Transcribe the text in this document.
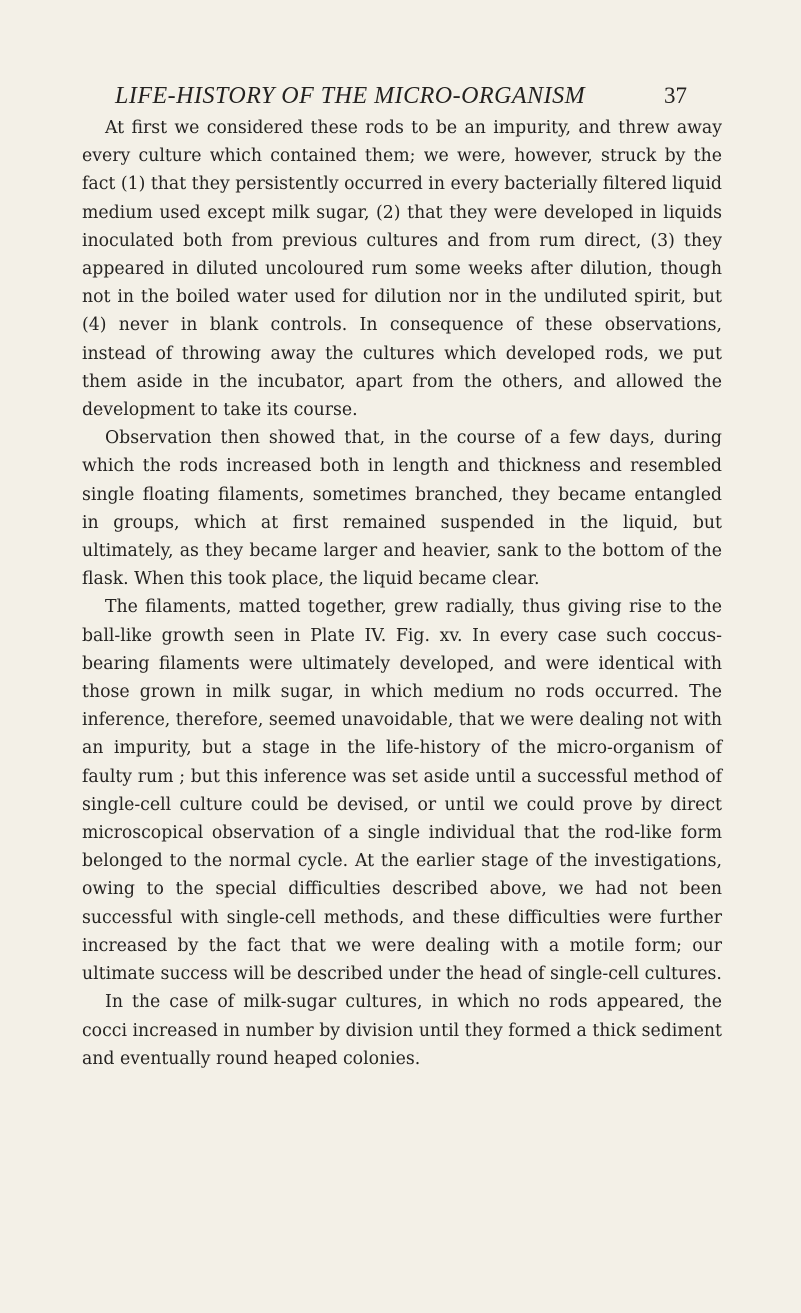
LIFE-HISTORY OF THE MICRO-ORGANISM	37

At first we considered these rods to be an impurity, and threw away every culture which contained them; we were, however, struck by the fact (1) that they persistently occurred in every bacterially filtered liquid medium used except milk sugar, (2) that they were developed in liquids inoculated both from previous cultures and from rum direct, (3) they appeared in diluted uncoloured rum some weeks after dilution, though not in the boiled water used for dilution nor in the undiluted spirit, but (4) never in blank controls. In consequence of these observations, instead of throwing away the cultures which developed rods, we put them aside in the incubator, apart from the others, and allowed the development to take its course.

Observation then showed that, in the course of a few days, during which the rods increased both in length and thickness and resembled single floating filaments, sometimes branched, they became entangled in groups, which at first remained suspended in the liquid, but ultimately, as they became larger and heavier, sank to the bottom of the flask. When this took place, the liquid became clear.

The filaments, matted together, grew radially, thus giving rise to the ball-like growth seen in Plate IV. Fig. xv. In every case such coccus-bearing filaments were ultimately developed, and were identical with those grown in milk sugar, in which medium no rods occurred. The inference, therefore, seemed unavoidable, that we were dealing not with an impurity, but a stage in the life-history of the micro-organism of faulty rum ; but this inference was set aside until a successful method of single-cell culture could be devised, or until we could prove by direct microscopical observation of a single individual that the rod-like form belonged to the normal cycle. At the earlier stage of the investigations, owing to the special difficulties described above, we had not been successful with single-cell methods, and these difficulties were further increased by the fact that we were dealing with a motile form; our ultimate success will be described under the head of single-cell cultures.

In the case of milk-sugar cultures, in which no rods appeared, the cocci increased in number by division until they formed a thick sediment and eventually round heaped colonies.
